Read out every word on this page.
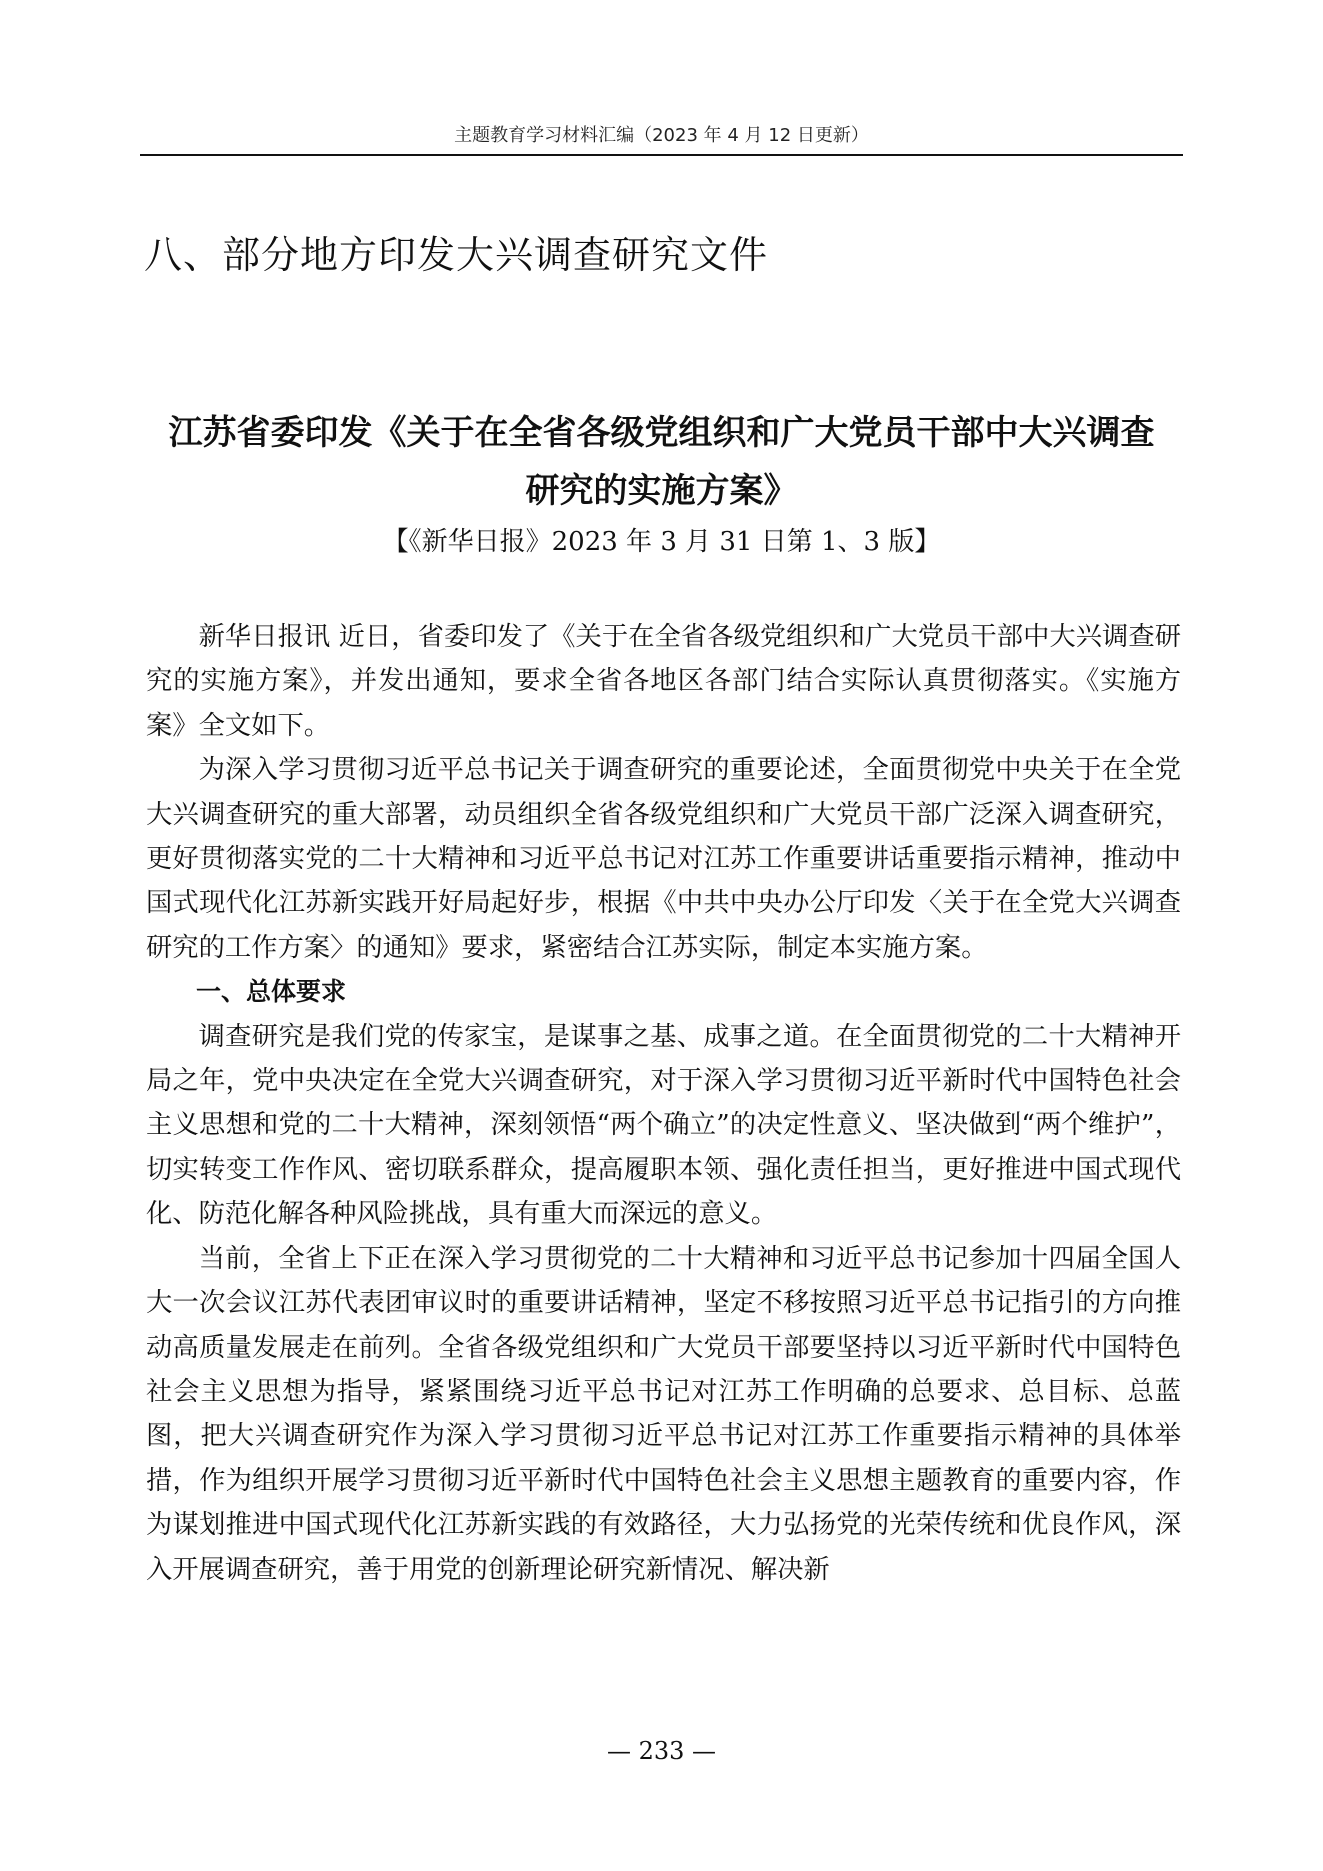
主题教育学习材料汇编（2023 年 4 月 12 日更新）
八、部分地方印发大兴调查研究文件
江苏省委印发《关于在全省各级党组织和广大党员干部中大兴调查
研究的实施方案》
【《新华日报》2023 年 3 月 31 日第 1、3 版】

新华日报讯 近日，省委印发了《关于在全省各级党组织和广大党员干部中大兴调查研究的实施方案》，并发出通知，要求全省各地区各部门结合实际认真贯彻落实。《实施方案》全文如下。

为深入学习贯彻习近平总书记关于调查研究的重要论述，全面贯彻党中央关于在全党大兴调查研究的重大部署，动员组织全省各级党组织和广大党员干部广泛深入调查研究，更好贯彻落实党的二十大精神和习近平总书记对江苏工作重要讲话重要指示精神，推动中国式现代化江苏新实践开好局起好步，根据《中共中央办公厅印发〈关于在全党大兴调查研究的工作方案〉的通知》要求，紧密结合江苏实际，制定本实施方案。

一、总体要求

调查研究是我们党的传家宝，是谋事之基、成事之道。在全面贯彻党的二十大精神开局之年，党中央决定在全党大兴调查研究，对于深入学习贯彻习近平新时代中国特色社会主义思想和党的二十大精神，深刻领悟“两个确立”的决定性意义、坚决做到“两个维护”，切实转变工作作风、密切联系群众，提高履职本领、强化责任担当，更好推进中国式现代化、防范化解各种风险挑战，具有重大而深远的意义。

当前，全省上下正在深入学习贯彻党的二十大精神和习近平总书记参加十四届全国人大一次会议江苏代表团审议时的重要讲话精神，坚定不移按照习近平总书记指引的方向推动高质量发展走在前列。全省各级党组织和广大党员干部要坚持以习近平新时代中国特色社会主义思想为指导，紧紧围绕习近平总书记对江苏工作明确的总要求、总目标、总蓝图，把大兴调查研究作为深入学习贯彻习近平总书记对江苏工作重要指示精神的具体举措，作为组织开展学习贯彻习近平新时代中国特色社会主义思想主题教育的重要内容，作为谋划推进中国式现代化江苏新实践的有效路径，大力弘扬党的光荣传统和优良作风，深入开展调查研究，善于用党的创新理论研究新情况、解决新

— 233 —
